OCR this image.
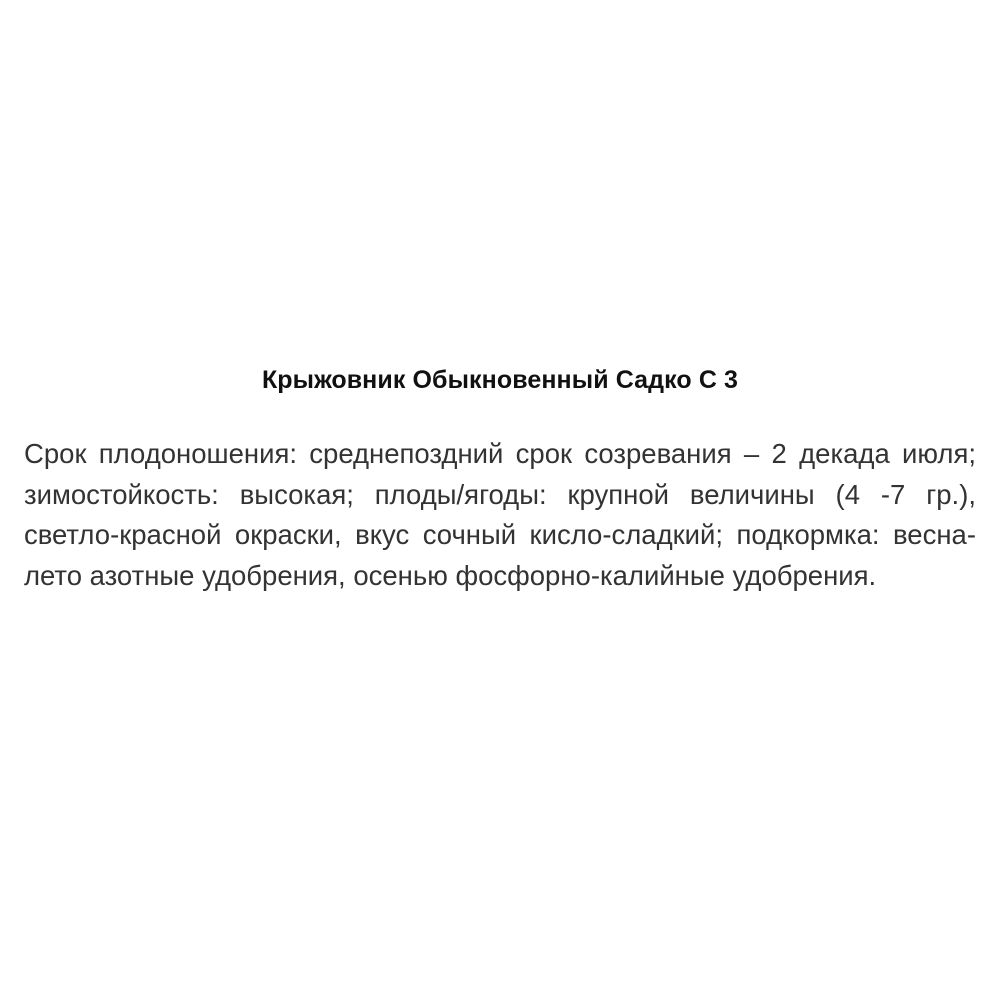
Крыжовник Обыкновенный Садко С 3

Срок плодоношения: среднепоздний срок созревания – 2 декада июля; зимостойкость: высокая; плоды/ягоды: крупной величины (4 -7 гр.), светло-красной окраски, вкус сочный кисло-сладкий; подкормка: весна-лето азотные удобрения, осенью фосфорно-калийные удобрения.
